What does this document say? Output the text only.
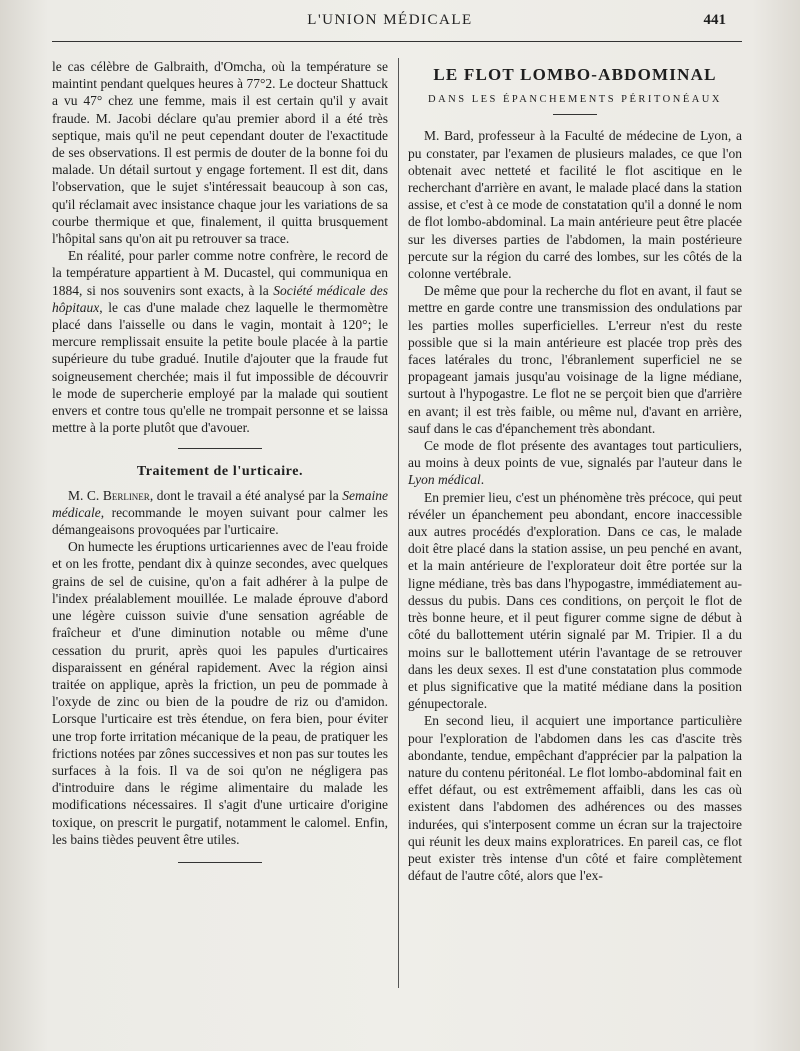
L'UNION MÉDICALE	441

le cas célèbre de Galbraith, d'Omcha, où la température se maintint pendant quelques heures à 77°2. Le docteur Shattuck a vu 47° chez une femme, mais il est certain qu'il y avait fraude. M. Jacobi déclare qu'au premier abord il a été très septique, mais qu'il ne peut cependant douter de l'exactitude de ses observations. Il est permis de douter de la bonne foi du malade. Un détail surtout y engage fortement. Il est dit, dans l'observation, que le sujet s'intéressait beaucoup à son cas, qu'il réclamait avec insistance chaque jour les variations de sa courbe thermique et que, finalement, il quitta brusquement l'hôpital sans qu'on ait pu retrouver sa trace.

En réalité, pour parler comme notre confrère, le record de la température appartient à M. Ducastel, qui communiqua en 1884, si nos souvenirs sont exacts, à la Société médicale des hôpitaux, le cas d'une malade chez laquelle le thermomètre placé dans l'aisselle ou dans le vagin, montait à 120°; le mercure remplissait ensuite la petite boule placée à la partie supérieure du tube gradué. Inutile d'ajouter que la fraude fut soigneusement cherchée; mais il fut impossible de découvrir le mode de supercherie employé par la malade qui soutient envers et contre tous qu'elle ne trompait personne et se laissa mettre à la porte plutôt que d'avouer.

Traitement de l'urticaire.

M. C. Berliner, dont le travail a été analysé par la Semaine médicale, recommande le moyen suivant pour calmer les démangeaisons provoquées par l'urticaire.

On humecte les éruptions urticariennes avec de l'eau froide et on les frotte, pendant dix à quinze secondes, avec quelques grains de sel de cuisine, qu'on a fait adhérer à la pulpe de l'index préalablement mouillée. Le malade éprouve d'abord une légère cuisson suivie d'une sensation agréable de fraîcheur et d'une diminution notable ou même d'une cessation du prurit, après quoi les papules d'urticaires disparaissent en général rapidement. Avec la région ainsi traitée on applique, après la friction, un peu de pommade à l'oxyde de zinc ou bien de la poudre de riz ou d'amidon. Lorsque l'urticaire est très étendue, on fera bien, pour éviter une trop forte irritation mécanique de la peau, de pratiquer les frictions notées par zônes successives et non pas sur toutes les surfaces à la fois. Il va de soi qu'on ne négligera pas d'introduire dans le régime alimentaire du malade les modifications nécessaires. Il s'agit d'une urticaire d'origine toxique, on prescrit le purgatif, notamment le calomel. Enfin, les bains tièdes peuvent être utiles.

LE FLOT LOMBO-ABDOMINAL
DANS LES ÉPANCHEMENTS PÉRITONÉAUX

M. Bard, professeur à la Faculté de médecine de Lyon, a pu constater, par l'examen de plusieurs malades, ce que l'on obtenait avec netteté et facilité le flot ascitique en le recherchant d'arrière en avant, le malade placé dans la station assise, et c'est à ce mode de constatation qu'il a donné le nom de flot lombo-abdominal. La main antérieure peut être placée sur les diverses parties de l'abdomen, la main postérieure percute sur la région du carré des lombes, sur les côtés de la colonne vertébrale.

De même que pour la recherche du flot en avant, il faut se mettre en garde contre une transmission des ondulations par les parties molles superficielles. L'erreur n'est du reste possible que si la main antérieure est placée trop près des faces latérales du tronc, l'ébranlement superficiel ne se propageant jamais jusqu'au voisinage de la ligne médiane, surtout à l'hypogastre. Le flot ne se perçoit bien que d'arrière en avant; il est très faible, ou même nul, d'avant en arrière, sauf dans le cas d'épanchement très abondant.

Ce mode de flot présente des avantages tout particuliers, au moins à deux points de vue, signalés par l'auteur dans le Lyon médical.

En premier lieu, c'est un phénomène très précoce, qui peut révéler un épanchement peu abondant, encore inaccessible aux autres procédés d'exploration. Dans ce cas, le malade doit être placé dans la station assise, un peu penché en avant, et la main antérieure de l'explorateur doit être portée sur la ligne médiane, très bas dans l'hypogastre, immédiatement au-dessus du pubis. Dans ces conditions, on perçoit le flot de très bonne heure, et il peut figurer comme signe de début à côté du ballottement utérin signalé par M. Tripier. Il a du moins sur le ballottement utérin l'avantage de se retrouver dans les deux sexes. Il est d'une constatation plus commode et plus significative que la matité médiane dans la position génupectorale.

En second lieu, il acquiert une importance particulière pour l'exploration de l'abdomen dans les cas d'ascite très abondante, tendue, empêchant d'apprécier par la palpation la nature du contenu péritonéal. Le flot lombo-abdominal fait en effet défaut, ou est extrêmement affaibli, dans les cas où existent dans l'abdomen des adhérences ou des masses indurées, qui s'interposent comme un écran sur la trajectoire qui réunit les deux mains exploratrices. En pareil cas, ce flot peut exister très intense d'un côté et faire complètement défaut de l'autre côté, alors que l'ex-
